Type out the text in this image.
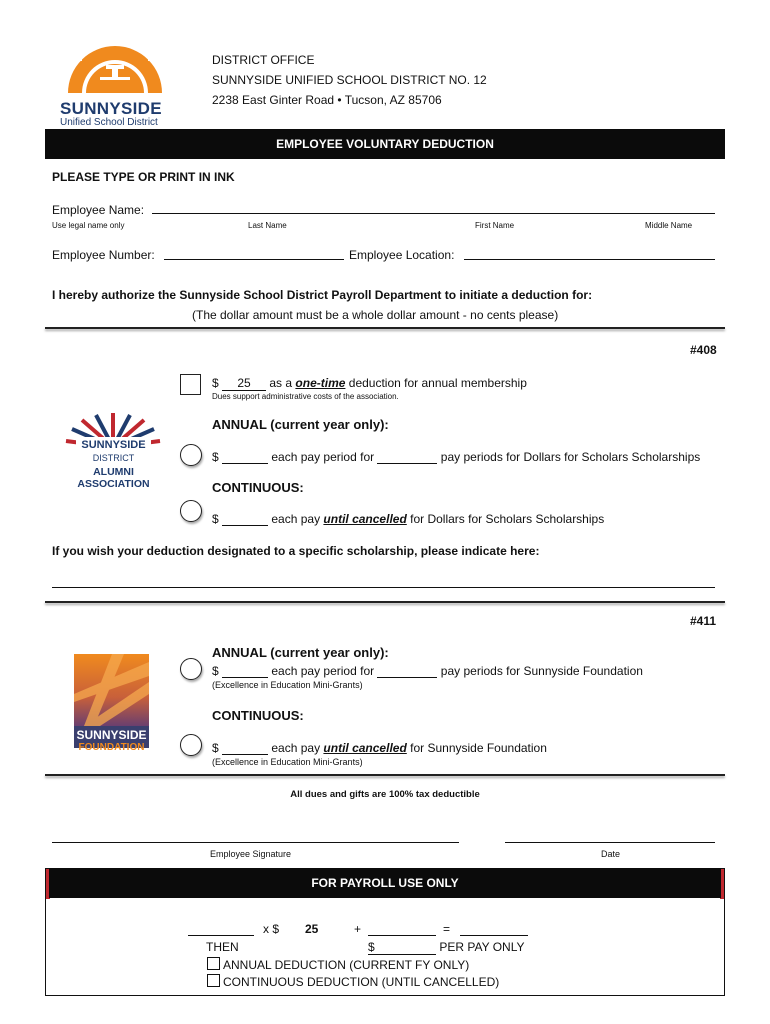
SUNNYSIDE
Unified School District
DISTRICT OFFICE
SUNNYSIDE UNIFIED SCHOOL DISTRICT NO. 12
2238 East Ginter Road • Tucson, AZ 85706
EMPLOYEE VOLUNTARY DEDUCTION
PLEASE TYPE OR PRINT IN INK
Employee Name:
Use legal name only	Last Name	First Name	Middle Name
Employee Number:	Employee Location:
I hereby authorize the Sunnyside School District Payroll Department to initiate a deduction for:
(The dollar amount must be a whole dollar amount - no cents please)
#408
SUNNYSIDE
DISTRICT
ALUMNI ASSOCIATION
$ 25 as a one-time deduction for annual membership
Dues support administrative costs of the association.
ANNUAL (current year only):
$	each pay period for	pay periods for Dollars for Scholars Scholarships
CONTINUOUS:
$	each pay until cancelled for Dollars for Scholars Scholarships
If you wish your deduction designated to a specific scholarship, please indicate here:
#411
SUNNYSIDE
FOUNDATION
ANNUAL (current year only):
$	each pay period for	pay periods for Sunnyside Foundation
(Excellence in Education Mini-Grants)
CONTINUOUS:
$	each pay until cancelled for Sunnyside Foundation
(Excellence in Education Mini-Grants)
All dues and gifts are 100% tax deductible
Employee Signature	Date
FOR PAYROLL USE ONLY
x $ 25	+	=
THEN	$	PER PAY ONLY
ANNUAL DEDUCTION (CURRENT FY ONLY)
CONTINUOUS DEDUCTION (UNTIL CANCELLED)
